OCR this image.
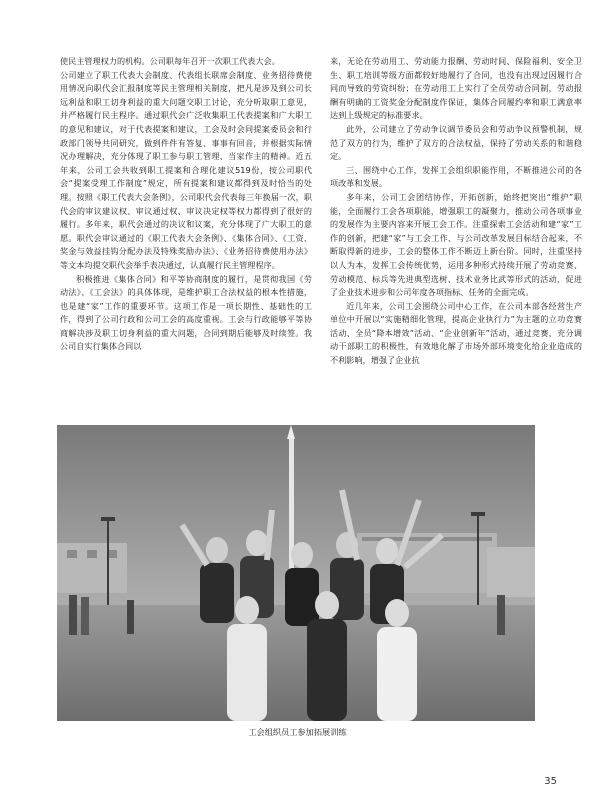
使民主管理权力的机构。公司职每年召开一次职工代表大会。

公司建立了职工代表大会制度、代表组长联席会制度、业务招待费使用情况向职代会汇报制度等民主管理相关制度，把凡是涉及到公司长远利益和职工切身利益的重大问题交职工讨论，充分听取职工意见，并严格履行民主程序。通过职代会广泛收集职工代表提案和广大职工的意见和建议，对于代表提案和建议，工会及时会同提案委员会和行政部门领导共同研究，做到件件有答复、事事有回音，并根据实际情况办理解决，充分体现了职工参与职工管理、当家作主的精神。近五年来，公司工会共收到职工提案和合理化建议519份，按公司职代会“提案受理工作制度”规定，所有提案和建议都得到及时恰当的处理。按照《职工代表大会条例》，公司职代会代表每三年换届一次，职代会的审议建议权、审议通过权、审议决定权等权力都得到了很好的履行。多年来，职代会通过的决议和议案，充分体现了广大职工的意愿。职代会审议通过的《职工代表大会条例》、《集体合同》、《工资、奖金与效益挂钩分配办法及特殊奖励办法》、《业务招待费使用办法》等文本均提交职代会举手表决通过，认真履行民主管理程序。

积极推进《集体合同》和平等协商制度的履行，是贯彻我国《劳动法》、《工会法》的具体体现，是维护职工合法权益的根本性措施，也是建“家”工作的重要环节。这项工作是一项长期性、基础性的工作，得到了公司行政和公司工会的高度重视。工会与行政能够平等协商解决涉及职工切身利益的重大问题，合同到期后能够及时续签。我公司自实行集体合同以

来，无论在劳动用工、劳动能力报酬、劳动时间、保险福利、安全卫生、职工培训等级方面都较好地履行了合同，也没有出现过因履行合同而导致的劳资纠纷；在劳动用工上实行了全员劳动合同制，劳动报酬有明确的工资奖金分配制度作保证，集体合同履约率和职工满意率达到上级规定的标准要求。

此外，公司建立了劳动争议调节委员会和劳动争议预警机制，规范了双方的行为，维护了双方的合法权益，保持了劳动关系的和谐稳定。

三、围绕中心工作，发挥工会组织职能作用，不断推进公司的各项改革和发展。

多年来，公司工会团结协作，开拓创新，始终把突出“维护”职能，全面履行工会各项职能，增强职工的凝聚力，推动公司各项事业的发展作为主要内容来开展工会工作。注重探索工会活动和建“家”工作的创新，把建“家”与工会工作、与公司改革发展目标结合起来，不断取得新的进步，工会的整体工作不断迈上新台阶。同时，注重坚持以人为本，发挥工会传统优势，运用多种形式持续开展了劳动竞赛、劳动模范、标兵等先进典型选树、技术业务比武等形式的活动，促进了企业技术进步和公司年度各项指标、任务的全面完成。

近几年来，公司工会围绕公司中心工作，在公司本部各经营生产单位中开展以“实施精细化管理，提高企业执行力”为主题的立功竞赛活动、全员“降本增效”活动、“企业创新年”活动，通过竞赛，充分调动干部职工的积极性，有效地化解了市场外部环境变化给企业造成的不利影响，增强了企业抗

工会组织员工参加拓展训练
35
